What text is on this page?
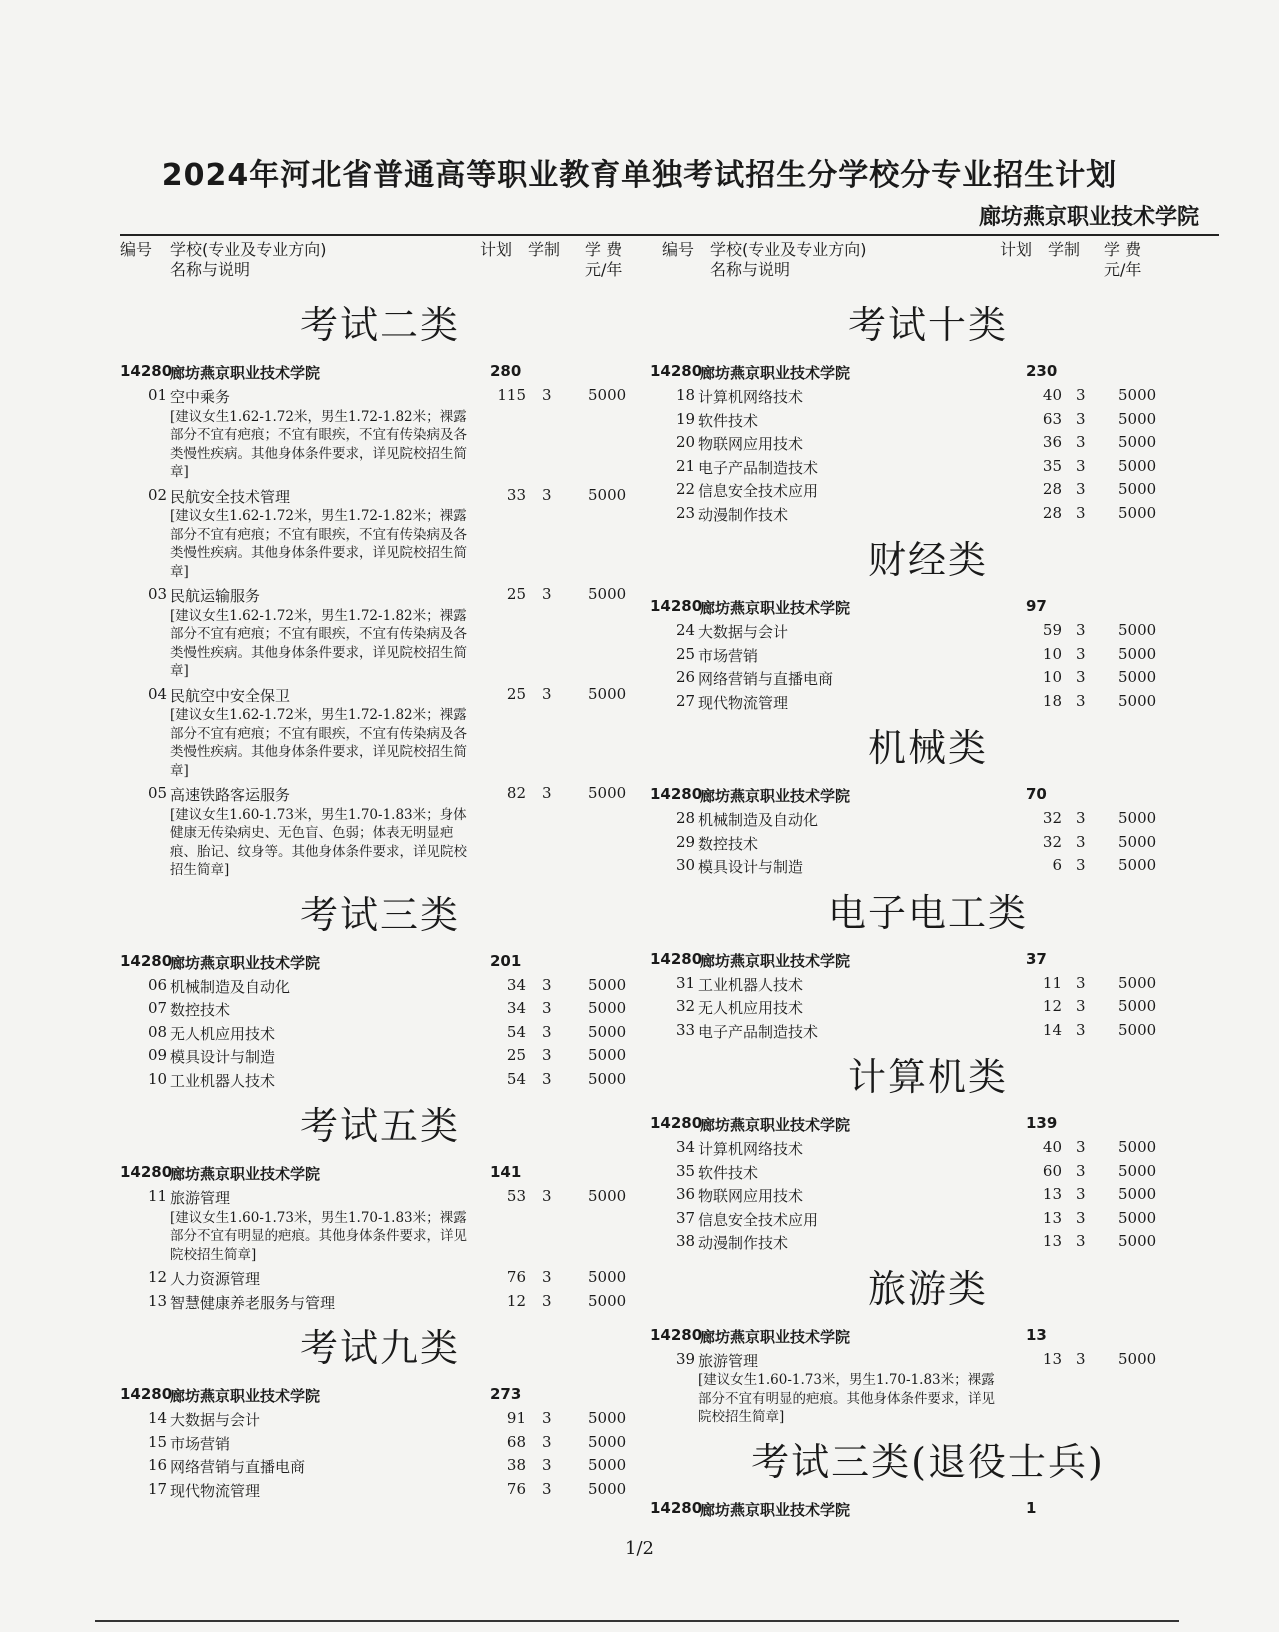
2024年河北省普通高等职业教育单独考试招生分学校分专业招生计划
廊坊燕京职业技术学院
编号 学校(专业及专业方向)
名称与说明
计划 学制 学 费
元/年
考试二类
14280
廊坊燕京职业技术学院	280
01 空中乘务	115 3 5000
[建议女生1.62-1.72米，男生1.72-1.82米；裸露部分不宜有疤痕；不宜有眼疾，不宜有传染病及各类慢性疾病。其他身体条件要求，详见院校招生简章]
02 民航安全技术管理	33 3 5000
[建议女生1.62-1.72米，男生1.72-1.82米；裸露部分不宜有疤痕；不宜有眼疾，不宜有传染病及各类慢性疾病。其他身体条件要求，详见院校招生简章]
03 民航运输服务	25 3 5000
[建议女生1.62-1.72米，男生1.72-1.82米；裸露部分不宜有疤痕；不宜有眼疾，不宜有传染病及各类慢性疾病。其他身体条件要求，详见院校招生简章]
04 民航空中安全保卫	25 3 5000
[建议女生1.62-1.72米，男生1.72-1.82米；裸露部分不宜有疤痕；不宜有眼疾，不宜有传染病及各类慢性疾病。其他身体条件要求，详见院校招生简章]
05 高速铁路客运服务	82 3 5000
[建议女生1.60-1.73米，男生1.70-1.83米；身体健康无传染病史、无色盲、色弱；体表无明显疤痕、胎记、纹身等。其他身体条件要求，详见院校招生简章]
考试三类
14280
廊坊燕京职业技术学院	201
06 机械制造及自动化	34 3 5000
07 数控技术	34 3 5000
08 无人机应用技术	54 3 5000
09 模具设计与制造	25 3 5000
10 工业机器人技术	54 3 5000
考试五类
14280
廊坊燕京职业技术学院	141
11 旅游管理	53 3 5000
[建议女生1.60-1.73米，男生1.70-1.83米；裸露部分不宜有明显的疤痕。其他身体条件要求，详见院校招生简章]
12 人力资源管理	76 3 5000
13 智慧健康养老服务与管理	12 3 5000
考试九类
14280
廊坊燕京职业技术学院	273
14 大数据与会计	91 3 5000
15 市场营销	68 3 5000
16 网络营销与直播电商	38 3 5000
17 现代物流管理	76 3 5000
编号 学校(专业及专业方向)
名称与说明
计划 学制 学 费
元/年
考试十类
14280
廊坊燕京职业技术学院	230
18 计算机网络技术	40 3 5000
19 软件技术	63 3 5000
20 物联网应用技术	36 3 5000
21 电子产品制造技术	35 3 5000
22 信息安全技术应用	28 3 5000
23 动漫制作技术	28 3 5000
财经类
14280
廊坊燕京职业技术学院	97
24 大数据与会计	59 3 5000
25 市场营销	10 3 5000
26 网络营销与直播电商	10 3 5000
27 现代物流管理	18 3 5000
机械类
14280
廊坊燕京职业技术学院	70
28 机械制造及自动化	32 3 5000
29 数控技术	32 3 5000
30 模具设计与制造	6 3 5000
电子电工类
14280
廊坊燕京职业技术学院	37
31 工业机器人技术	11 3 5000
32 无人机应用技术	12 3 5000
33 电子产品制造技术	14 3 5000
计算机类
14280
廊坊燕京职业技术学院	139
34 计算机网络技术	40 3 5000
35 软件技术	60 3 5000
36 物联网应用技术	13 3 5000
37 信息安全技术应用	13 3 5000
38 动漫制作技术	13 3 5000
旅游类
14280
廊坊燕京职业技术学院	13
39 旅游管理	13 3 5000
[建议女生1.60-1.73米，男生1.70-1.83米；裸露部分不宜有明显的疤痕。其他身体条件要求，详见院校招生简章]
考试三类(退役士兵)
14280
廊坊燕京职业技术学院	1
1/2
